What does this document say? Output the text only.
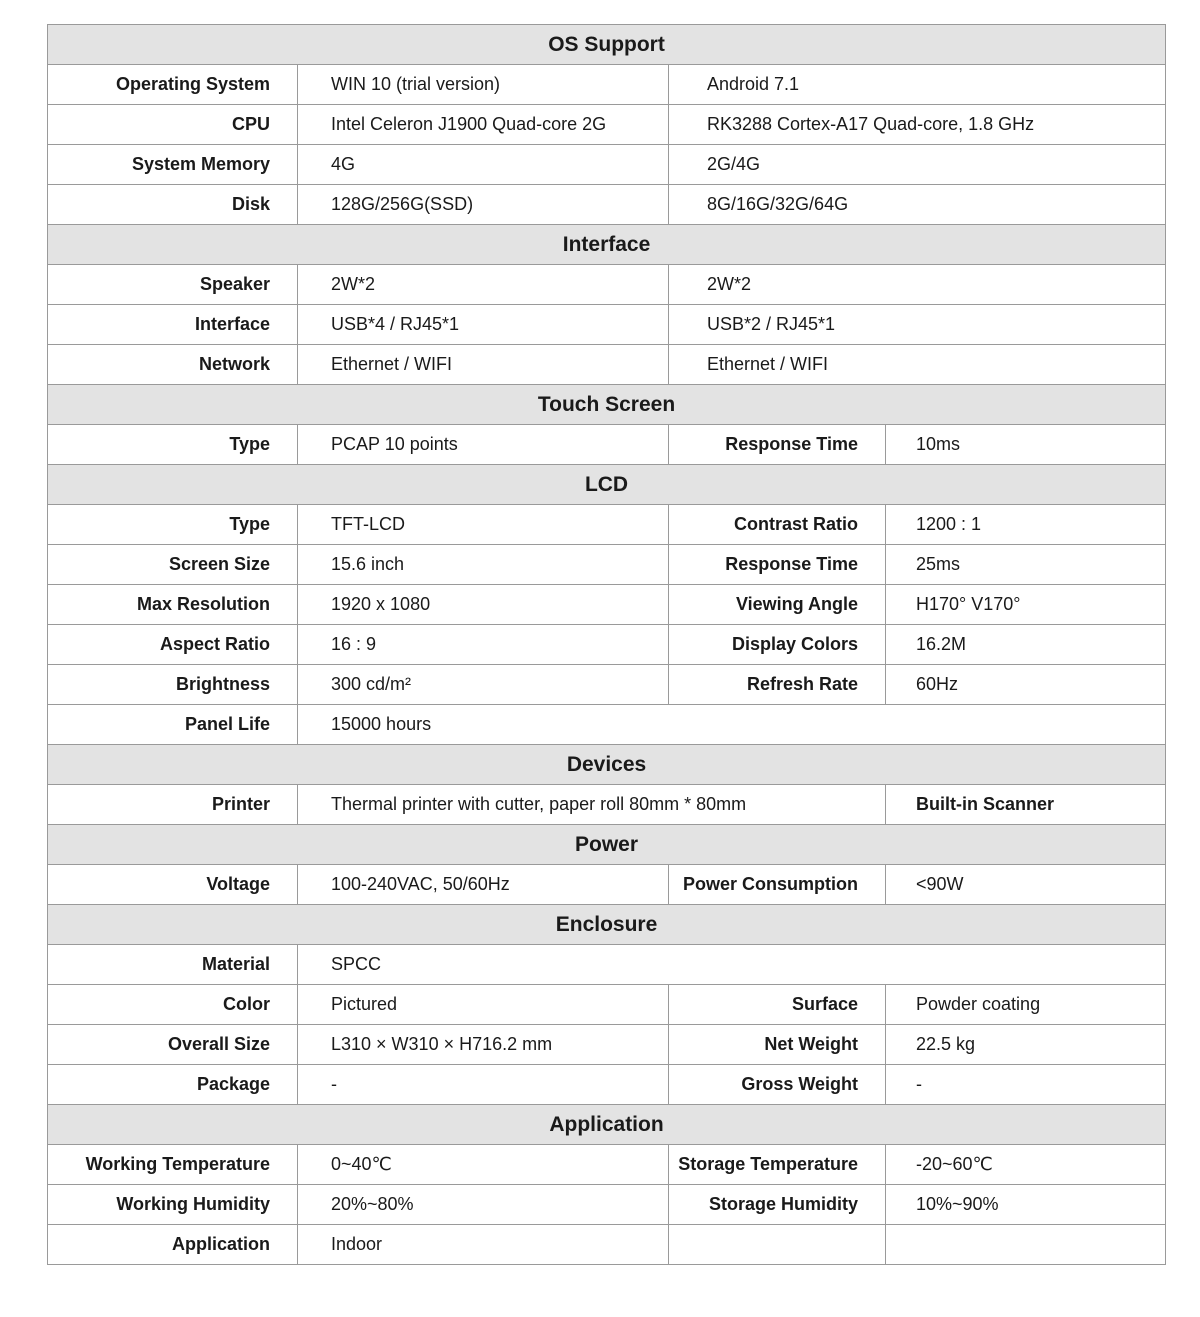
OS Support			
Operating System	WIN 10 (trial version)	Android 7.1	
CPU	Intel Celeron J1900 Quad-core 2G	RK3288 Cortex-A17 Quad-core, 1.8 GHz	
System Memory	4G	2G/4G	
Disk	128G/256G(SSD)	8G/16G/32G/64G	
Interface			
Speaker	2W*2	2W*2	
Interface	USB*4 / RJ45*1	USB*2 / RJ45*1	
Network	Ethernet / WIFI	Ethernet / WIFI	
Touch Screen			
Type	PCAP 10 points	Response Time	10ms
LCD			
Type	TFT-LCD	Contrast Ratio	1200 : 1
Screen Size	15.6 inch	Response Time	25ms
Max Resolution	1920 x 1080	Viewing Angle	H170° V170°
Aspect Ratio	16 : 9	Display Colors	16.2M
Brightness	300 cd/m²	Refresh Rate	60Hz
Panel Life	15000 hours		
Devices			
Printer	Thermal printer with cutter, paper roll 80mm * 80mm		Built-in Scanner
Power			
Voltage	100-240VAC, 50/60Hz	Power Consumption	<90W
Enclosure			
Material	SPCC		
Color	Pictured	Surface	Powder coating
Overall Size	L310 × W310 × H716.2 mm	Net Weight	22.5 kg
Package	-	Gross Weight	-
Application			
Working Temperature	0~40℃	Storage Temperature	-20~60℃
Working Humidity	20%~80%	Storage Humidity	10%~90%
Application	Indoor		
